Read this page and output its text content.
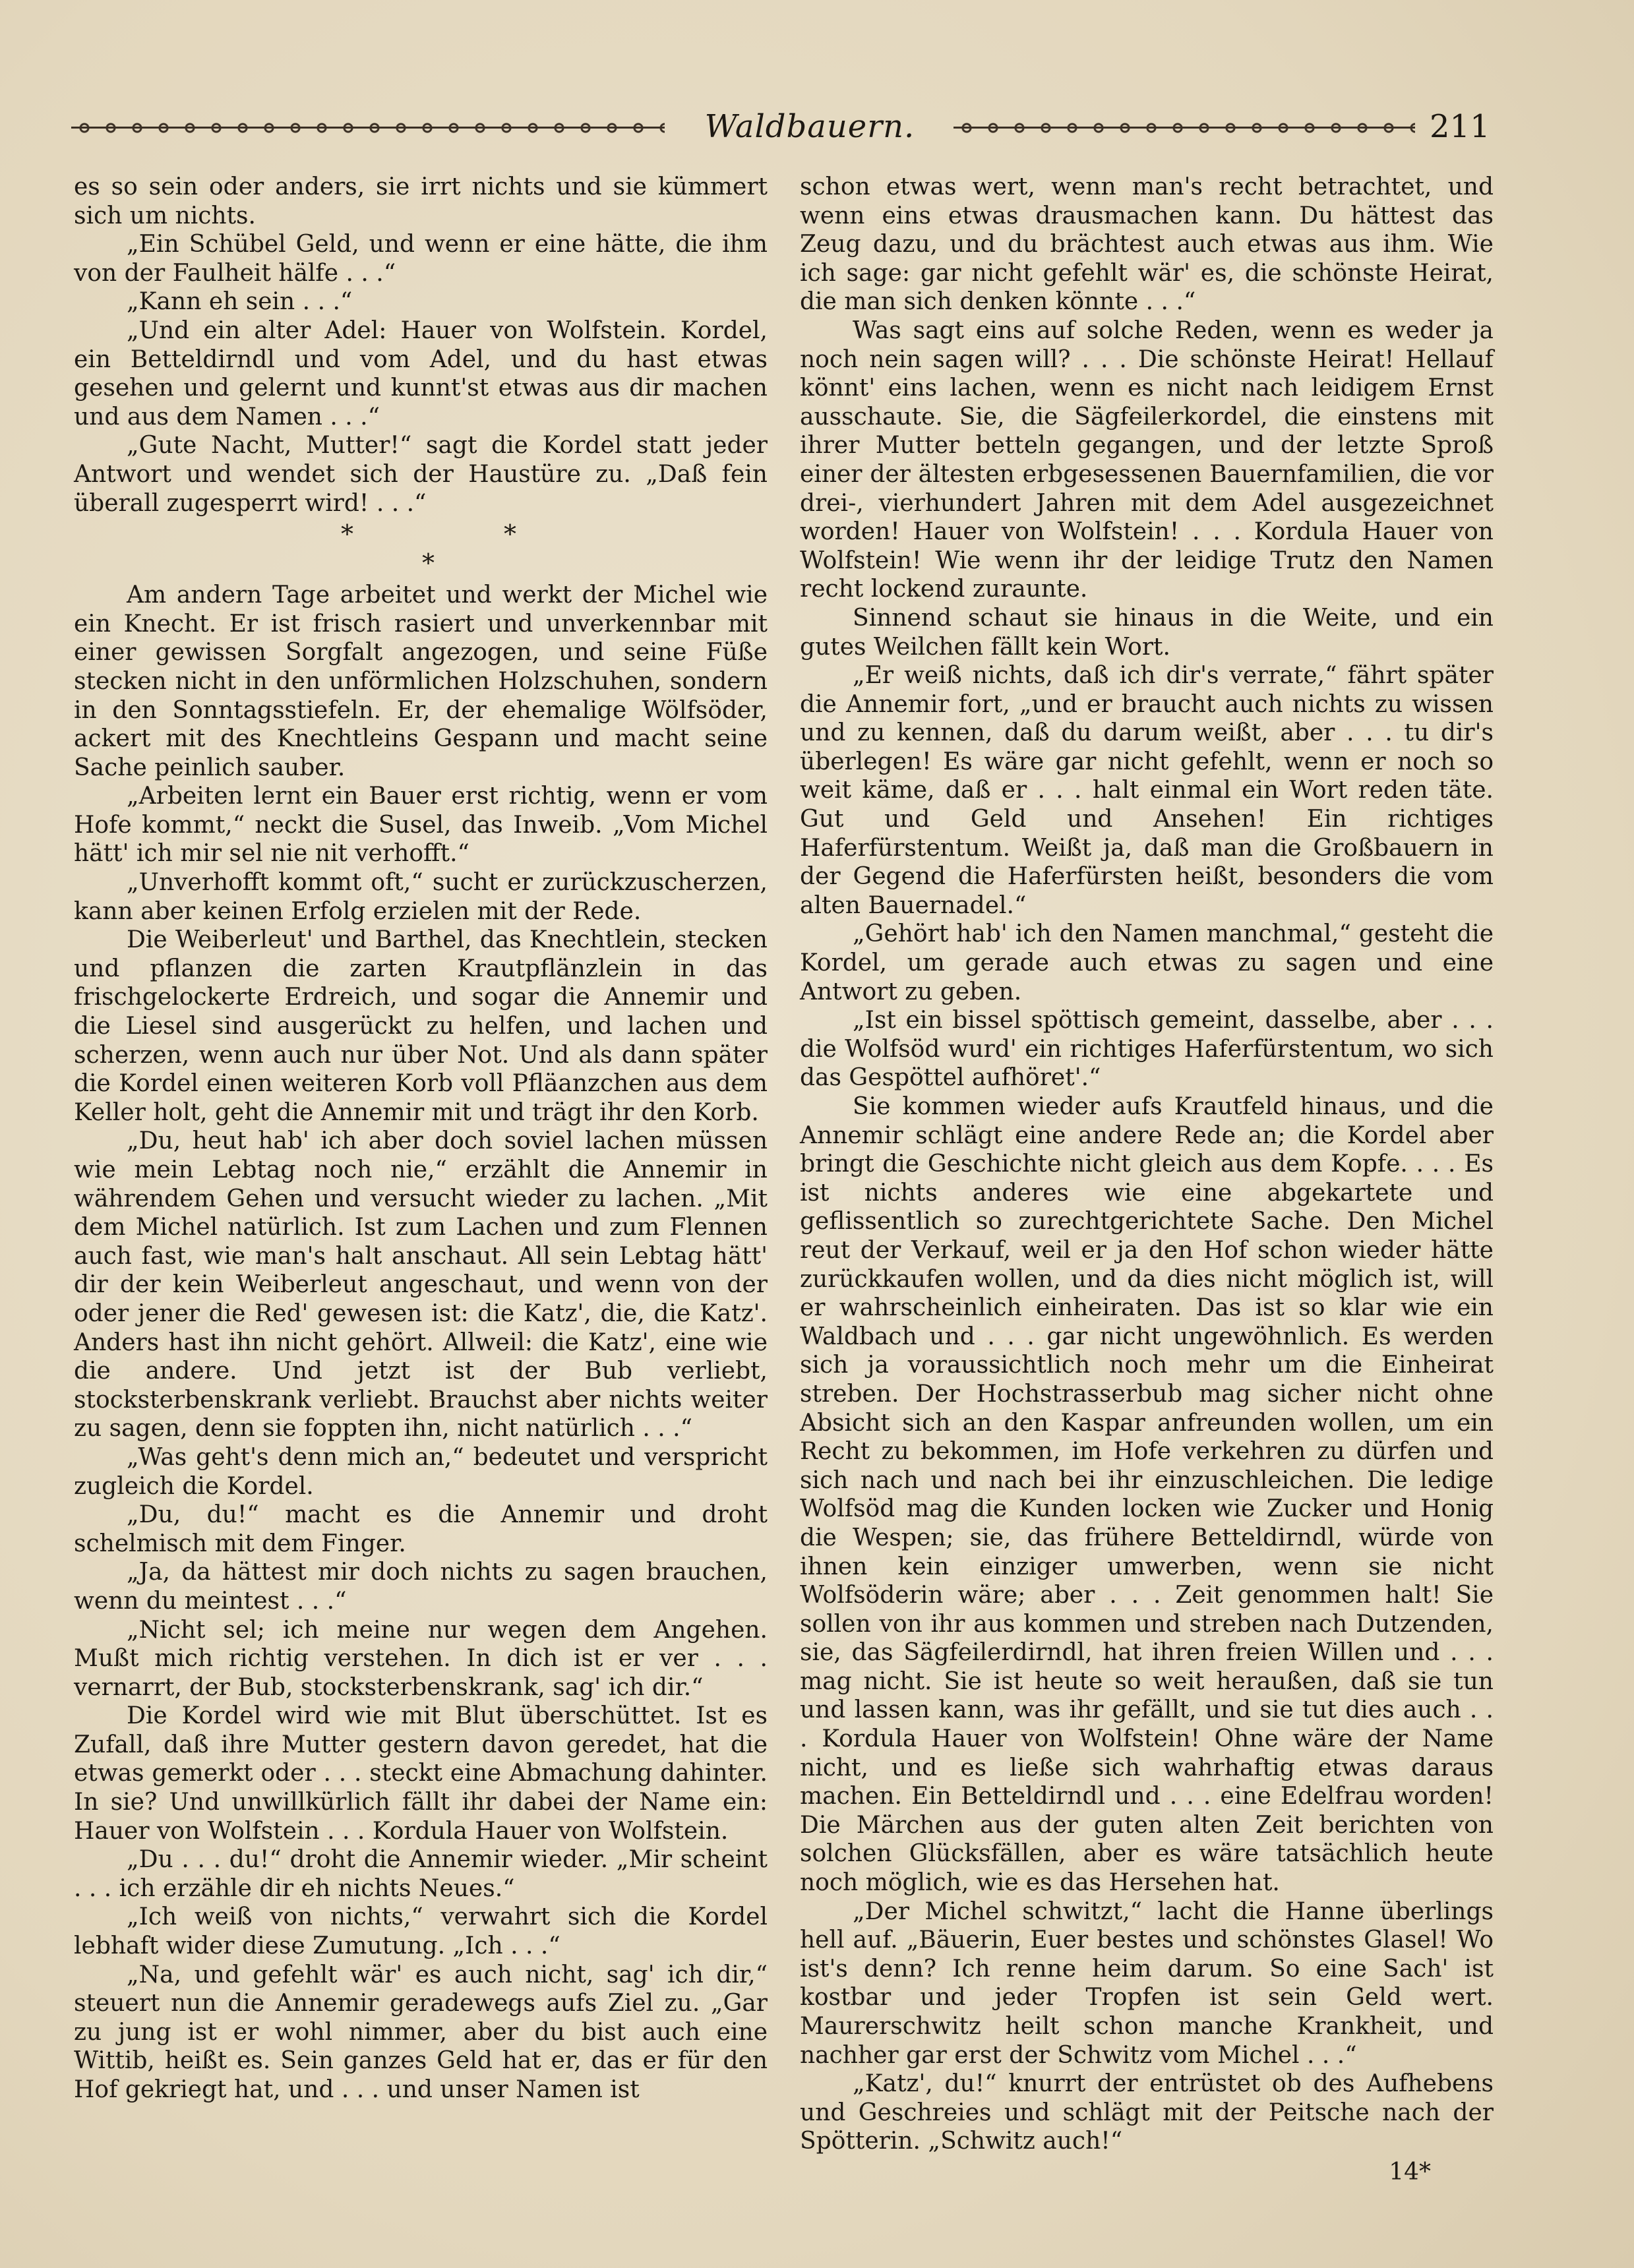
Waldbauern.	211

es so sein oder anders, sie irrt nichts und sie kümmert sich um nichts.

„Ein Schübel Geld, und wenn er eine hätte, die ihm von der Faulheit hälfe . . .“

„Kann eh sein . . .“

„Und ein alter Adel: Hauer von Wolfstein. Kordel, ein Betteldirndl und vom Adel, und du hast etwas gesehen und gelernt und kunnt'st etwas aus dir machen und aus dem Namen . . .“

„Gute Nacht, Mutter!“ sagt die Kordel statt jeder Antwort und wendet sich der Haustüre zu. „Daß fein überall zugesperrt wird! . . .“

*
*
*

Am andern Tage arbeitet und werkt der Michel wie ein Knecht. Er ist frisch rasiert und unverkennbar mit einer gewissen Sorgfalt angezogen, und seine Füße stecken nicht in den unförmlichen Holzschuhen, sondern in den Sonntagsstiefeln. Er, der ehemalige Wölfsöder, ackert mit des Knechtleins Gespann und macht seine Sache peinlich sauber.

„Arbeiten lernt ein Bauer erst richtig, wenn er vom Hofe kommt,“ neckt die Susel, das Inweib. „Vom Michel hätt' ich mir sel nie nit verhofft.“

„Unverhofft kommt oft,“ sucht er zurückzuscherzen, kann aber keinen Erfolg erzielen mit der Rede.

Die Weiberleut' und Barthel, das Knechtlein, stecken und pflanzen die zarten Krautpflänzlein in das frischgelockerte Erdreich, und sogar die Annemir und die Liesel sind ausgerückt zu helfen, und lachen und scherzen, wenn auch nur über Not. Und als dann später die Kordel einen weiteren Korb voll Pfläanzchen aus dem Keller holt, geht die Annemir mit und trägt ihr den Korb.

„Du, heut hab' ich aber doch soviel lachen müssen wie mein Lebtag noch nie,“ erzählt die Annemir in währendem Gehen und versucht wieder zu lachen. „Mit dem Michel natürlich. Ist zum Lachen und zum Flennen auch fast, wie man's halt anschaut. All sein Lebtag hätt' dir der kein Weiberleut angeschaut, und wenn von der oder jener die Red' gewesen ist: die Katz', die, die Katz'. Anders hast ihn nicht gehört. Allweil: die Katz', eine wie die andere. Und jetzt ist der Bub verliebt, stocksterbenskrank verliebt. Brauchst aber nichts weiter zu sagen, denn sie foppten ihn, nicht natürlich . . .“

„Was geht's denn mich an,“ bedeutet und verspricht zugleich die Kordel.

„Du, du!“ macht es die Annemir und droht schelmisch mit dem Finger.

„Ja, da hättest mir doch nichts zu sagen brauchen, wenn du meintest . . .“

„Nicht sel; ich meine nur wegen dem Angehen. Mußt mich richtig verstehen. In dich ist er ver . . . vernarrt, der Bub, stocksterbenskrank, sag' ich dir.“

Die Kordel wird wie mit Blut überschüttet. Ist es Zufall, daß ihre Mutter gestern davon geredet, hat die etwas gemerkt oder . . . steckt eine Abmachung dahinter. In sie? Und unwillkürlich fällt ihr dabei der Name ein: Hauer von Wolfstein . . . Kordula Hauer von Wolfstein.

„Du . . . du!“ droht die Annemir wieder. „Mir scheint . . . ich erzähle dir eh nichts Neues.“

„Ich weiß von nichts,“ verwahrt sich die Kordel lebhaft wider diese Zumutung. „Ich . . .“

„Na, und gefehlt wär' es auch nicht, sag' ich dir,“ steuert nun die Annemir geradewegs aufs Ziel zu. „Gar zu jung ist er wohl nimmer, aber du bist auch eine Wittib, heißt es. Sein ganzes Geld hat er, das er für den Hof gekriegt hat, und . . . und unser Namen ist

schon etwas wert, wenn man's recht betrachtet, und wenn eins etwas drausmachen kann. Du hättest das Zeug dazu, und du brächtest auch etwas aus ihm. Wie ich sage: gar nicht gefehlt wär' es, die schönste Heirat, die man sich denken könnte . . .“

Was sagt eins auf solche Reden, wenn es weder ja noch nein sagen will? . . . Die schönste Heirat! Hellauf könnt' eins lachen, wenn es nicht nach leidigem Ernst ausschaute. Sie, die Sägfeilerkordel, die einstens mit ihrer Mutter betteln gegangen, und der letzte Sproß einer der ältesten erbgesessenen Bauernfamilien, die vor drei-, vierhundert Jahren mit dem Adel ausgezeichnet worden! Hauer von Wolfstein! . . . Kordula Hauer von Wolfstein! Wie wenn ihr der leidige Trutz den Namen recht lockend zuraunte.

Sinnend schaut sie hinaus in die Weite, und ein gutes Weilchen fällt kein Wort.

„Er weiß nichts, daß ich dir's verrate,“ fährt später die Annemir fort, „und er braucht auch nichts zu wissen und zu kennen, daß du darum weißt, aber . . . tu dir's überlegen! Es wäre gar nicht gefehlt, wenn er noch so weit käme, daß er . . . halt einmal ein Wort reden täte. Gut und Geld und Ansehen! Ein richtiges Haferfürstentum. Weißt ja, daß man die Großbauern in der Gegend die Haferfürsten heißt, besonders die vom alten Bauernadel.“

„Gehört hab' ich den Namen manchmal,“ gesteht die Kordel, um gerade auch etwas zu sagen und eine Antwort zu geben.

„Ist ein bissel spöttisch gemeint, dasselbe, aber . . . die Wolfsöd wurd' ein richtiges Haferfürstentum, wo sich das Gespöttel aufhöret'.“

Sie kommen wieder aufs Krautfeld hinaus, und die Annemir schlägt eine andere Rede an; die Kordel aber bringt die Geschichte nicht gleich aus dem Kopfe. . . . Es ist nichts anderes wie eine abgekartete und geflissentlich so zurechtgerichtete Sache. Den Michel reut der Verkauf, weil er ja den Hof schon wieder hätte zurückkaufen wollen, und da dies nicht möglich ist, will er wahrscheinlich einheiraten. Das ist so klar wie ein Waldbach und . . . gar nicht ungewöhnlich. Es werden sich ja voraussichtlich noch mehr um die Einheirat streben. Der Hochstrasserbub mag sicher nicht ohne Absicht sich an den Kaspar anfreunden wollen, um ein Recht zu bekommen, im Hofe verkehren zu dürfen und sich nach und nach bei ihr einzuschleichen. Die ledige Wolfsöd mag die Kunden locken wie Zucker und Honig die Wespen; sie, das frühere Betteldirndl, würde von ihnen kein einziger umwerben, wenn sie nicht Wolfsöderin wäre; aber . . . Zeit genommen halt! Sie sollen von ihr aus kommen und streben nach Dutzenden, sie, das Sägfeilerdirndl, hat ihren freien Willen und . . . mag nicht. Sie ist heute so weit heraußen, daß sie tun und lassen kann, was ihr gefällt, und sie tut dies auch . . . Kordula Hauer von Wolfstein! Ohne wäre der Name nicht, und es ließe sich wahrhaftig etwas daraus machen. Ein Betteldirndl und . . . eine Edelfrau worden! Die Märchen aus der guten alten Zeit berichten von solchen Glücksfällen, aber es wäre tatsächlich heute noch möglich, wie es das Hersehen hat.

„Der Michel schwitzt,“ lacht die Hanne überlings hell auf. „Bäuerin, Euer bestes und schönstes Glasel! Wo ist's denn? Ich renne heim darum. So eine Sach' ist kostbar und jeder Tropfen ist sein Geld wert. Maurerschwitz heilt schon manche Krankheit, und nachher gar erst der Schwitz vom Michel . . .“

„Katz', du!“ knurrt der entrüstet ob des Aufhebens und Geschreies und schlägt mit der Peitsche nach der Spötterin. „Schwitz auch!“

14*
